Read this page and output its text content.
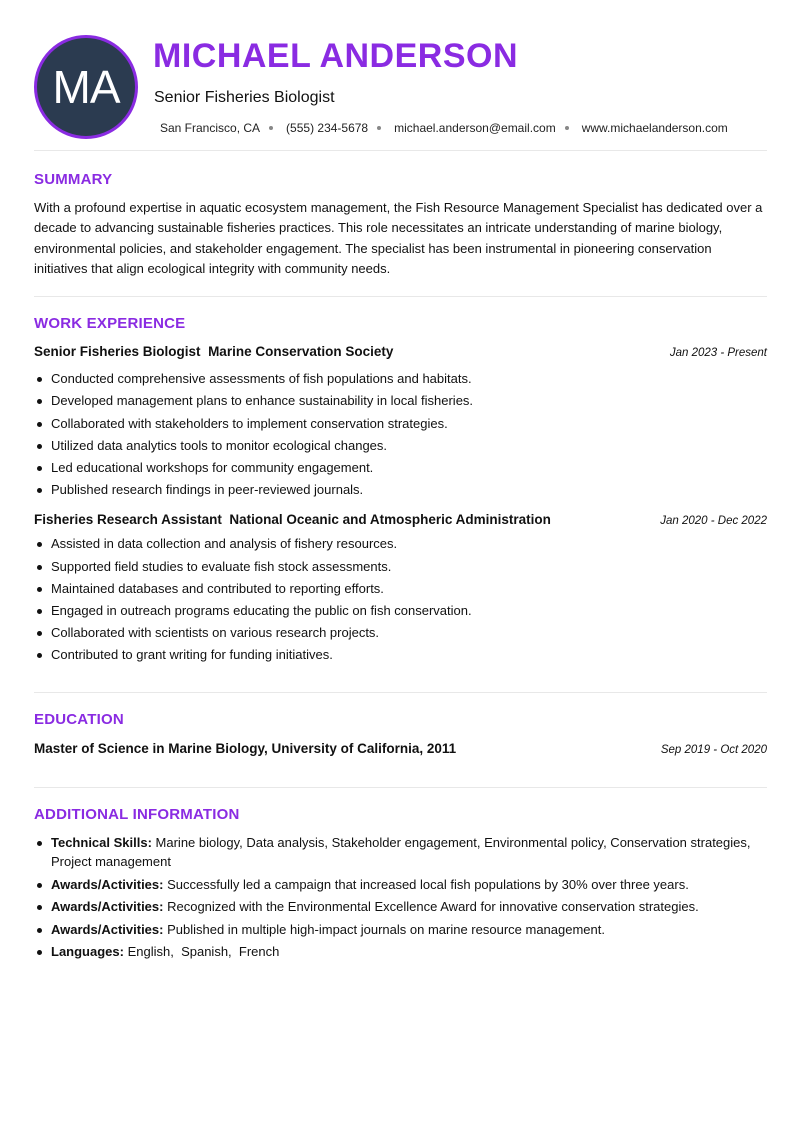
MA
MICHAEL ANDERSON
Senior Fisheries Biologist
San Francisco, CA (555) 234-5678 michael.anderson@email.com www.michaelanderson.com
SUMMARY

With a profound expertise in aquatic ecosystem management, the Fish Resource Management Specialist has dedicated over a decade to advancing sustainable fisheries practices. This role necessitates an intricate understanding of marine biology, environmental policies, and stakeholder engagement. The specialist has been instrumental in pioneering conservation initiatives that align ecological integrity with community needs.

WORK EXPERIENCE
Senior Fisheries Biologist Marine Conservation Society	Jan 2023 - Present
Conducted comprehensive assessments of fish populations and habitats.
Developed management plans to enhance sustainability in local fisheries.
Collaborated with stakeholders to implement conservation strategies.
Utilized data analytics tools to monitor ecological changes.
Led educational workshops for community engagement.
Published research findings in peer-reviewed journals.
Fisheries Research Assistant National Oceanic and Atmospheric Administration	Jan 2020 - Dec 2022
Assisted in data collection and analysis of fishery resources.
Supported field studies to evaluate fish stock assessments.
Maintained databases and contributed to reporting efforts.
Engaged in outreach programs educating the public on fish conservation.
Collaborated with scientists on various research projects.
Contributed to grant writing for funding initiatives.
EDUCATION
Master of Science in Marine Biology, University of California, 2011	Sep 2019 - Oct 2020
ADDITIONAL INFORMATION
Technical Skills: Marine biology, Data analysis, Stakeholder engagement, Environmental policy, Conservation strategies, Project management
Awards/Activities: Successfully led a campaign that increased local fish populations by 30% over three years.
Awards/Activities: Recognized with the Environmental Excellence Award for innovative conservation strategies.
Awards/Activities: Published in multiple high-impact journals on marine resource management.
Languages: English,  Spanish,  French
